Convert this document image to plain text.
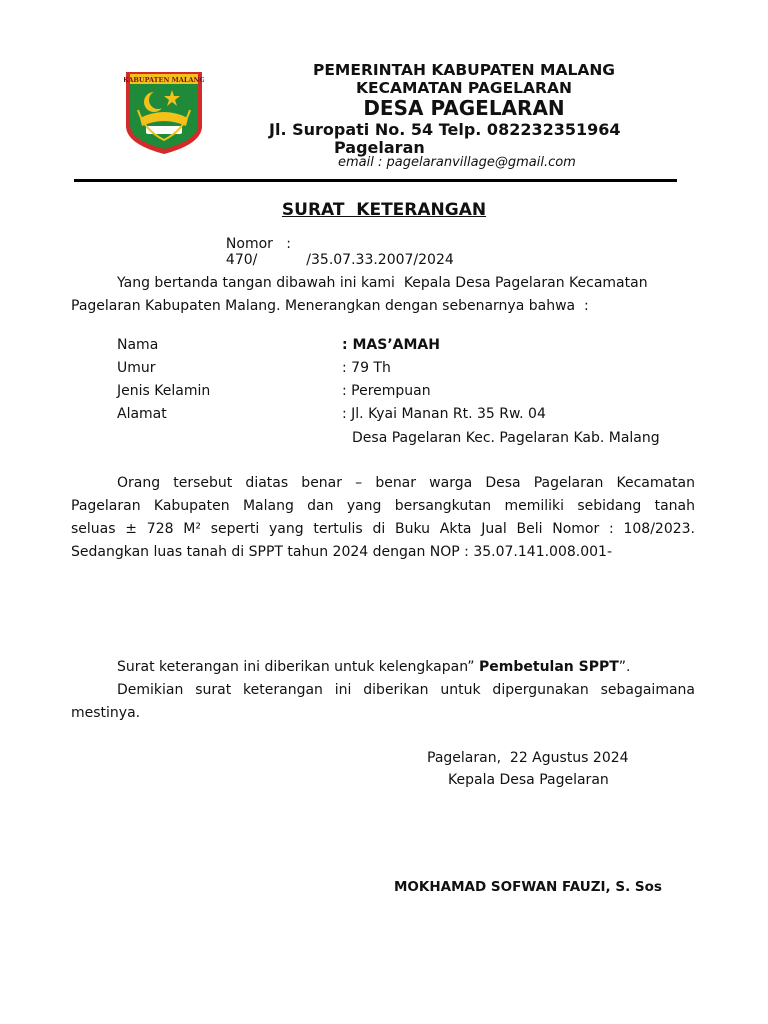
KABUPATEN MALANG
PEMERINTAH KABUPATEN MALANG
KECAMATAN PAGELARAN
DESA PAGELARAN
Jl. Suropati No. 54 Telp. 082232351964
Pagelaran
email : pagelaranvillage@gmail.com
SURAT  KETERANGAN

Nomor   :
470/           /35.07.33.2007/2024

Yang bertanda tangan dibawah ini kami  Kepala Desa Pagelaran Kecamatan
Pagelaran Kabupaten Malang. Menerangkan dengan sebenarnya bahwa  :
Nama	: MAS’AMAH
Umur	: 79 Th
Jenis Kelamin	: Perempuan
Alamat	: Jl. Kyai Manan Rt. 35 Rw. 04
Desa Pagelaran Kec. Pagelaran Kab. Malang
Orang tersebut diatas benar – benar warga Desa Pagelaran Kecamatan
Pagelaran Kabupaten Malang dan yang bersangkutan memiliki sebidang tanah
seluas ± 728 M² seperti yang tertulis di Buku Akta Jual Beli Nomor : 108/2023.
Sedangkan luas tanah di SPPT tahun 2024 dengan NOP : 35.07.141.008.001-
Surat keterangan ini diberikan untuk kelengkapan” Pembetulan SPPT”.
Demikian surat keterangan ini diberikan untuk dipergunakan sebagaimana
mestinya.
Pagelaran,  22 Agustus 2024
Kepala Desa Pagelaran
MOKHAMAD SOFWAN FAUZI, S. Sos
